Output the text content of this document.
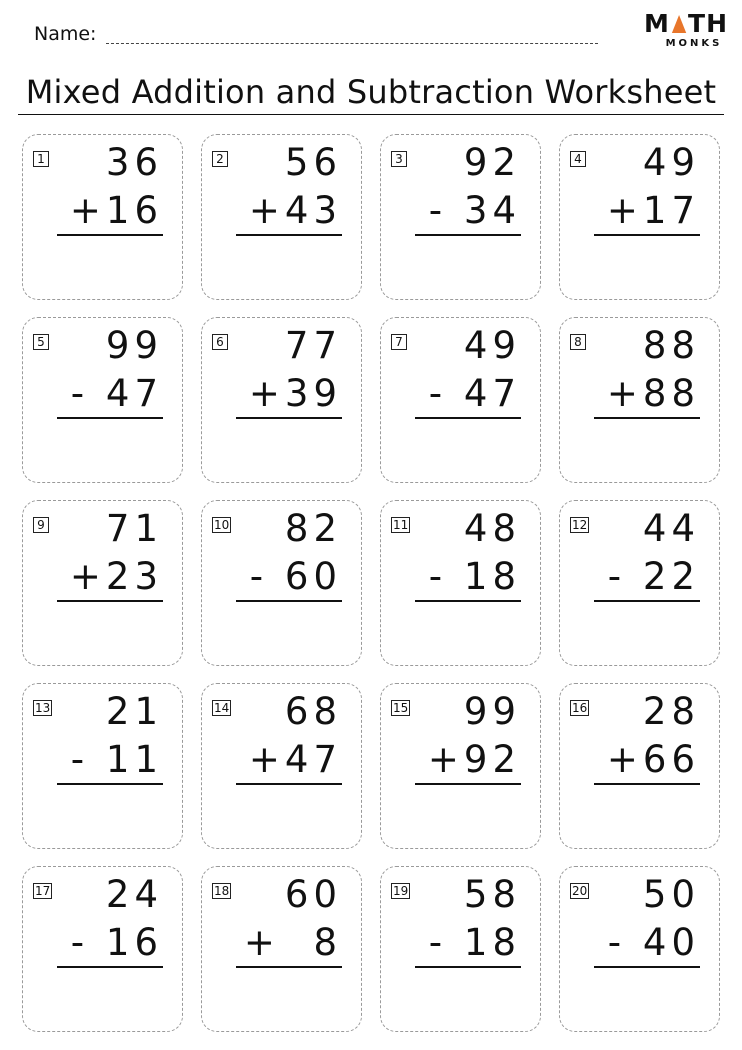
Name:	M TH
MONKS
Mixed Addition and Subtraction Worksheet
1	36
+16
2	56
+43
3	92
- 34
4	49
+17
5	99
- 47
6	77
+39
7	49
- 47
8	88
+88
9	71
+23
10	82
- 60
11	48
- 18
12	44
- 22
13	21
- 11
14	68
+47
15	99
+92
16	28
+66
17	24
- 16
18	60
+  8
19	58
- 18
20	50
- 40
